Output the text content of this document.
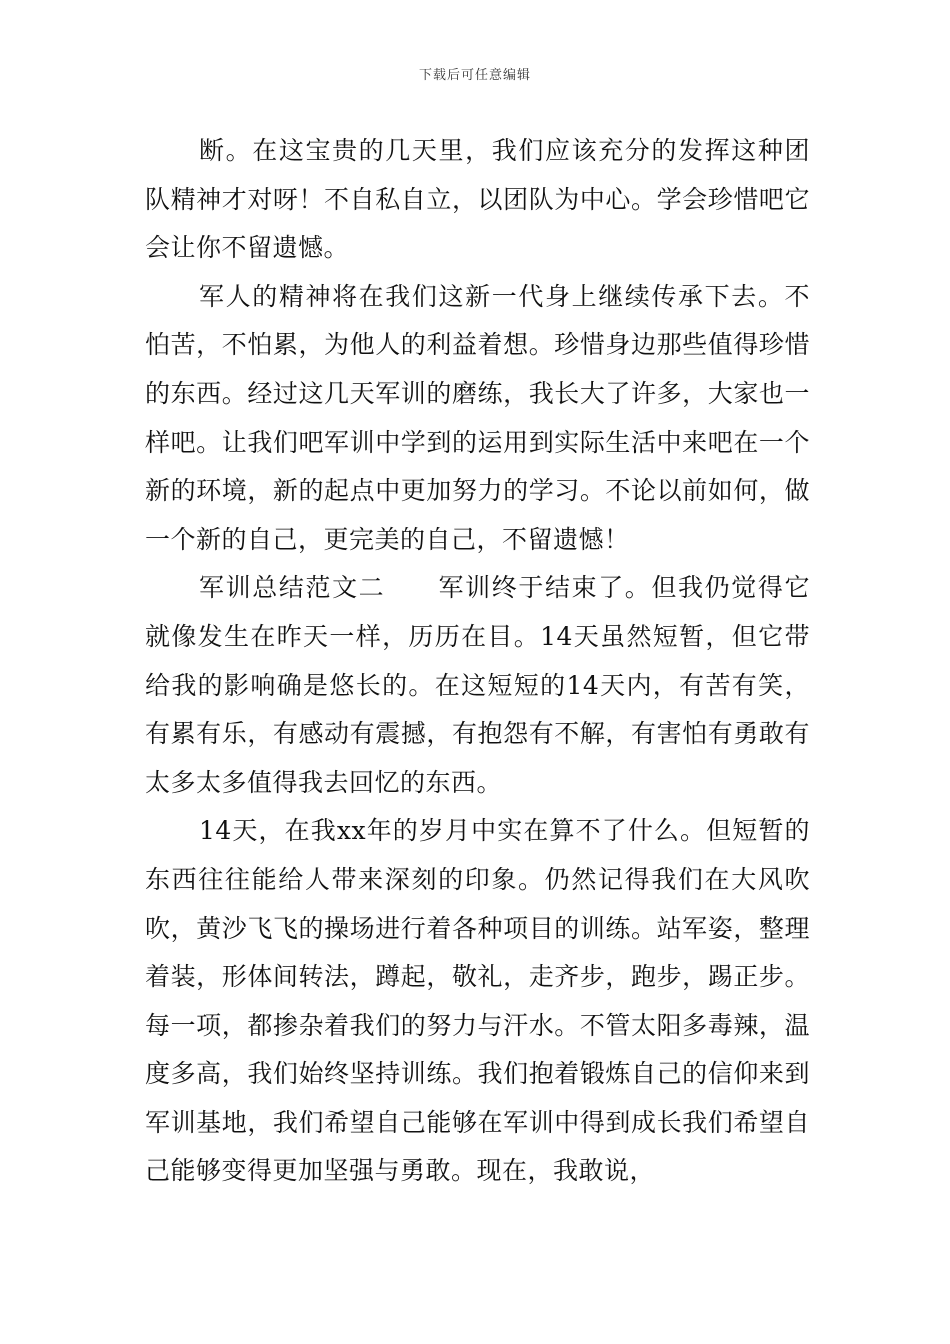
下载后可任意编辑

断。在这宝贵的几天里，我们应该充分的发挥这种团队精神才对呀！不自私自立，以团队为中心。学会珍惜吧它会让你不留遗憾。

军人的精神将在我们这新一代身上继续传承下去。不怕苦，不怕累，为他人的利益着想。珍惜身边那些值得珍惜的东西。经过这几天军训的磨练，我长大了许多，大家也一样吧。让我们吧军训中学到的运用到实际生活中来吧在一个新的环境，新的起点中更加努力的学习。不论以前如何，做一个新的自己，更完美的自己，不留遗憾！

军训总结范文二　　军训终于结束了。但我仍觉得它就像发生在昨天一样，历历在目。14天虽然短暂，但它带给我的影响确是悠长的。在这短短的14天内，有苦有笑，有累有乐，有感动有震撼，有抱怨有不解，有害怕有勇敢有太多太多值得我去回忆的东西。

14天，在我xx年的岁月中实在算不了什么。但短暂的东西往往能给人带来深刻的印象。仍然记得我们在大风吹吹，黄沙飞飞的操场进行着各种项目的训练。站军姿，整理着装，形体间转法，蹲起，敬礼，走齐步，跑步，踢正步。每一项，都掺杂着我们的努力与汗水。不管太阳多毒辣，温度多高，我们始终坚持训练。我们抱着锻炼自己的信仰来到军训基地，我们希望自己能够在军训中得到成长我们希望自己能够变得更加坚强与勇敢。现在，我敢说，
